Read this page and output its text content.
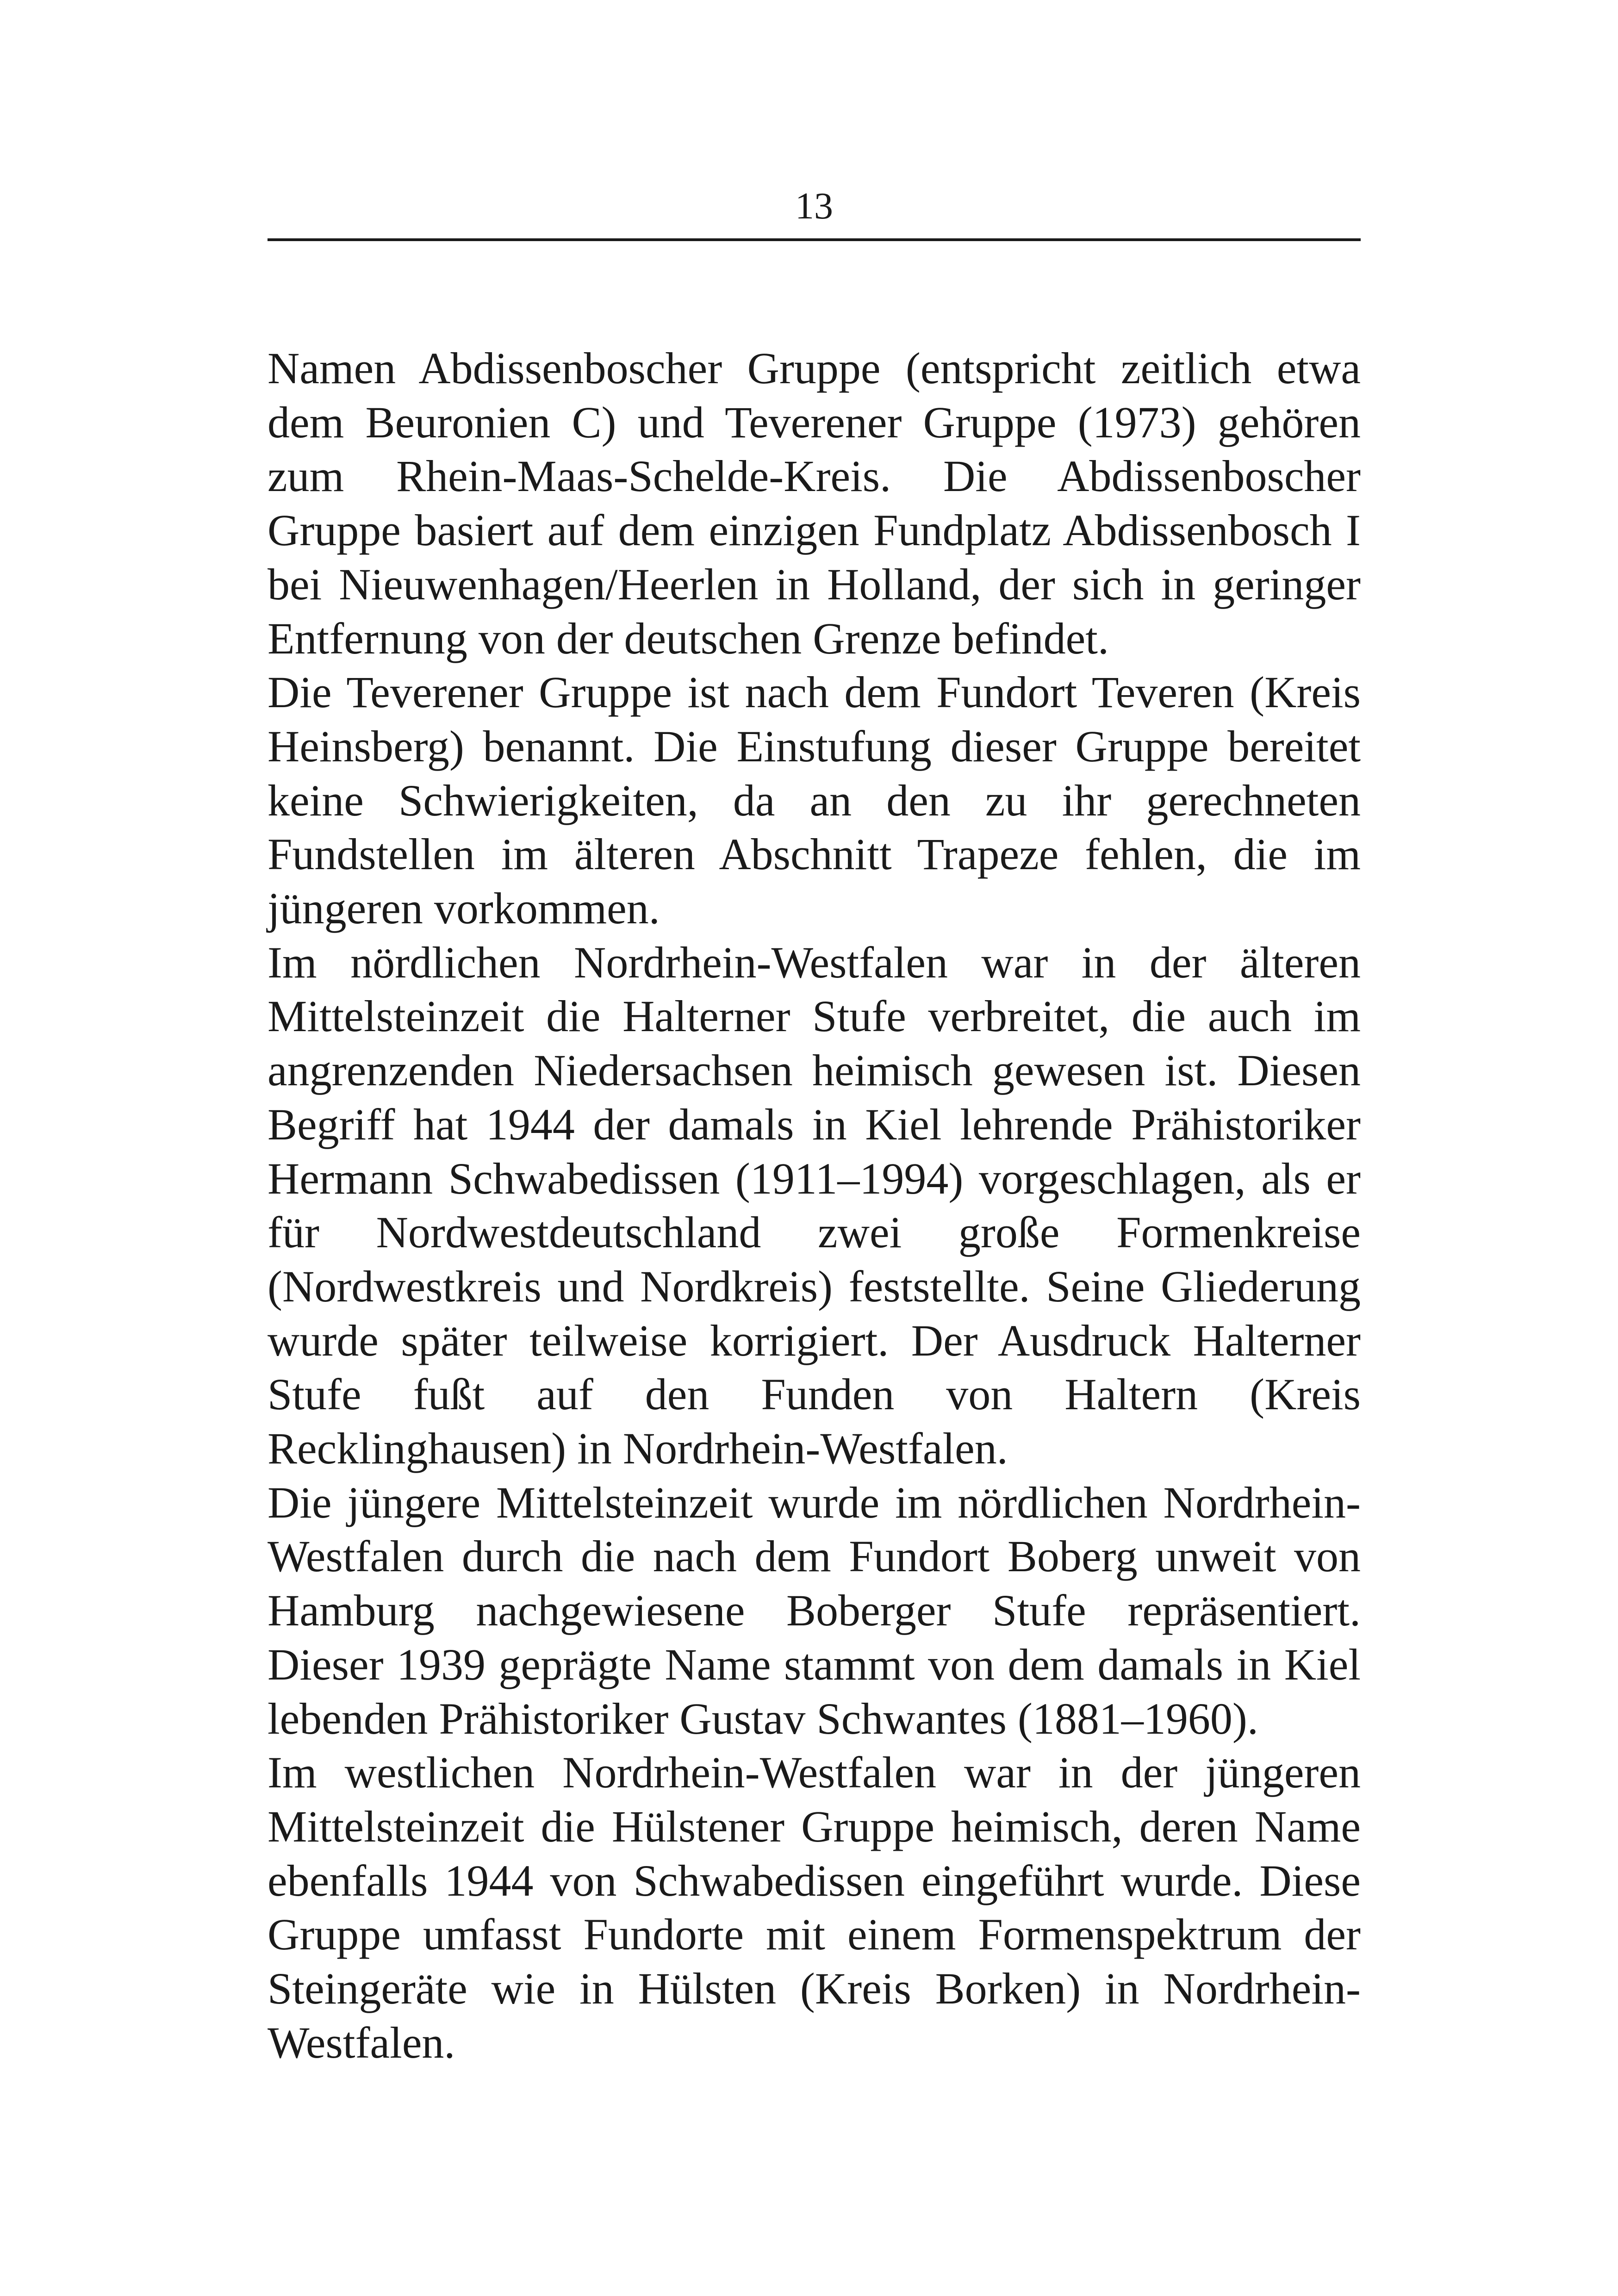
13

Namen Abdissenboscher Gruppe (entspricht zeitlich etwa dem Beuronien C) und Teverener Gruppe (1973) gehören zum Rhein-Maas-Schelde-Kreis. Die Abdissenboscher Gruppe basiert auf dem einzigen Fundplatz Abdissenbosch I bei Nieuwenhagen/Heerlen in Holland, der sich in geringer Entfernung von der deutschen Grenze befindet.

Die Teverener Gruppe ist nach dem Fundort Teveren (Kreis Heinsberg) benannt. Die Einstufung dieser Gruppe bereitet keine Schwierigkeiten, da an den zu ihr gerechneten Fundstellen im älteren Abschnitt Trapeze fehlen, die im jüngeren vorkommen.

Im nördlichen Nordrhein-Westfalen war in der älteren Mittelsteinzeit die Halterner Stufe verbreitet, die auch im angrenzenden Niedersachsen heimisch gewesen ist. Diesen Begriff hat 1944 der damals in Kiel lehrende Prähistoriker Hermann Schwabedissen (1911–1994) vorgeschlagen, als er für Nordwestdeutschland zwei große Formenkreise (Nordwestkreis und Nordkreis) feststellte. Seine Gliederung wurde später teilweise korrigiert. Der Ausdruck Halterner Stufe fußt auf den Funden von Haltern (Kreis Recklinghausen) in Nordrhein-Westfalen.

Die jüngere Mittelsteinzeit wurde im nördlichen Nordrhein-Westfalen durch die nach dem Fundort Boberg unweit von Hamburg nachgewiesene Boberger Stufe repräsentiert. Dieser 1939 geprägte Name stammt von dem damals in Kiel lebenden Prähistoriker Gustav Schwantes (1881–1960).

Im westlichen Nordrhein-Westfalen war in der jüngeren Mittelsteinzeit die Hülstener Gruppe heimisch, deren Name ebenfalls 1944 von Schwabedissen eingeführt wurde. Diese Gruppe umfasst Fundorte mit einem Formenspektrum der Steingeräte wie in Hülsten (Kreis Borken) in Nordrhein-Westfalen.
